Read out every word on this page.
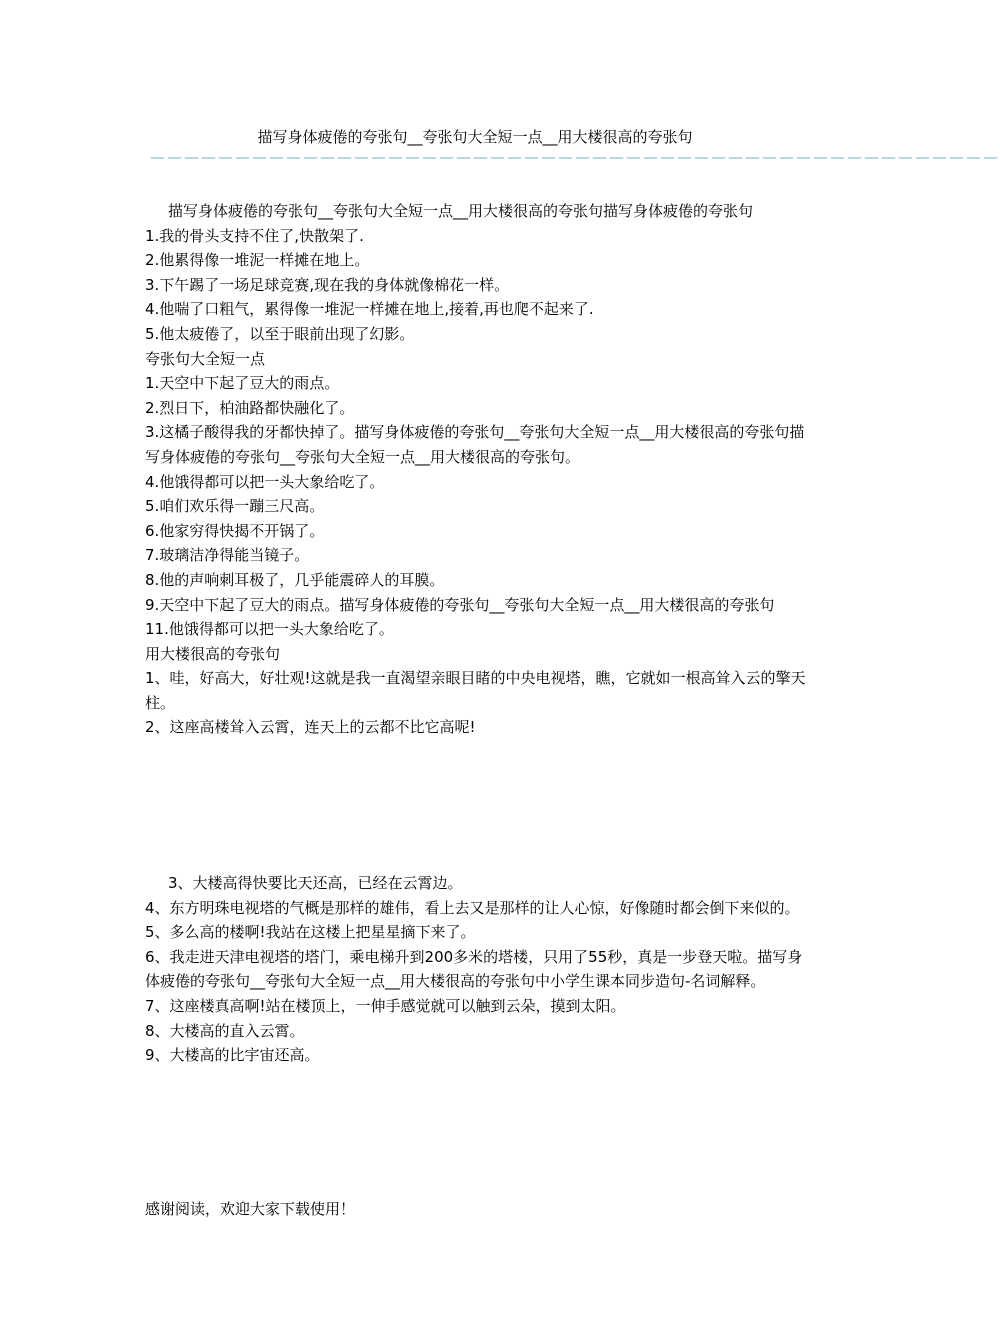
描写身体疲倦的夸张句__夸张句大全短一点__用大楼很高的夸张句
——————————————————————————————————————————————————

描写身体疲倦的夸张句__夸张句大全短一点__用大楼很高的夸张句描写身体疲倦的夸张句

1.我的骨头支持不住了,快散架了.

2.他累得像一堆泥一样摊在地上。

3.下午踢了一场足球竞赛,现在我的身体就像棉花一样。

4.他喘了口粗气，累得像一堆泥一样摊在地上,接着,再也爬不起来了.

5.他太疲倦了，以至于眼前出现了幻影。

夸张句大全短一点

1.天空中下起了豆大的雨点。

2.烈日下，柏油路都快融化了。

3.这橘子酸得我的牙都快掉了。描写身体疲倦的夸张句__夸张句大全短一点__用大楼很高的夸张句描写身体疲倦的夸张句__夸张句大全短一点__用大楼很高的夸张句。

4.他饿得都可以把一头大象给吃了。

5.咱们欢乐得一蹦三尺高。

6.他家穷得快揭不开锅了。

7.玻璃洁净得能当镜子。

8.他的声响刺耳极了，几乎能震碎人的耳膜。

9.天空中下起了豆大的雨点。描写身体疲倦的夸张句__夸张句大全短一点__用大楼很高的夸张句

11.他饿得都可以把一头大象给吃了。

用大楼很高的夸张句

1、哇，好高大，好壮观!这就是我一直渴望亲眼目睹的中央电视塔，瞧，它就如一根高耸入云的擎天柱。

2、这座高楼耸入云霄，连天上的云都不比它高呢!

3、大楼高得快要比天还高，已经在云霄边。

4、东方明珠电视塔的气概是那样的雄伟，看上去又是那样的让人心惊，好像随时都会倒下来似的。

5、多么高的楼啊!我站在这楼上把星星摘下来了。

6、我走进天津电视塔的塔门，乘电梯升到200多米的塔楼，只用了55秒，真是一步登天啦。描写身体疲倦的夸张句__夸张句大全短一点__用大楼很高的夸张句中小学生课本同步造句-名词解释。

7、这座楼真高啊!站在楼顶上，一伸手感觉就可以触到云朵，摸到太阳。

8、大楼高的直入云霄。

9、大楼高的比宇宙还高。

感谢阅读，欢迎大家下载使用！
